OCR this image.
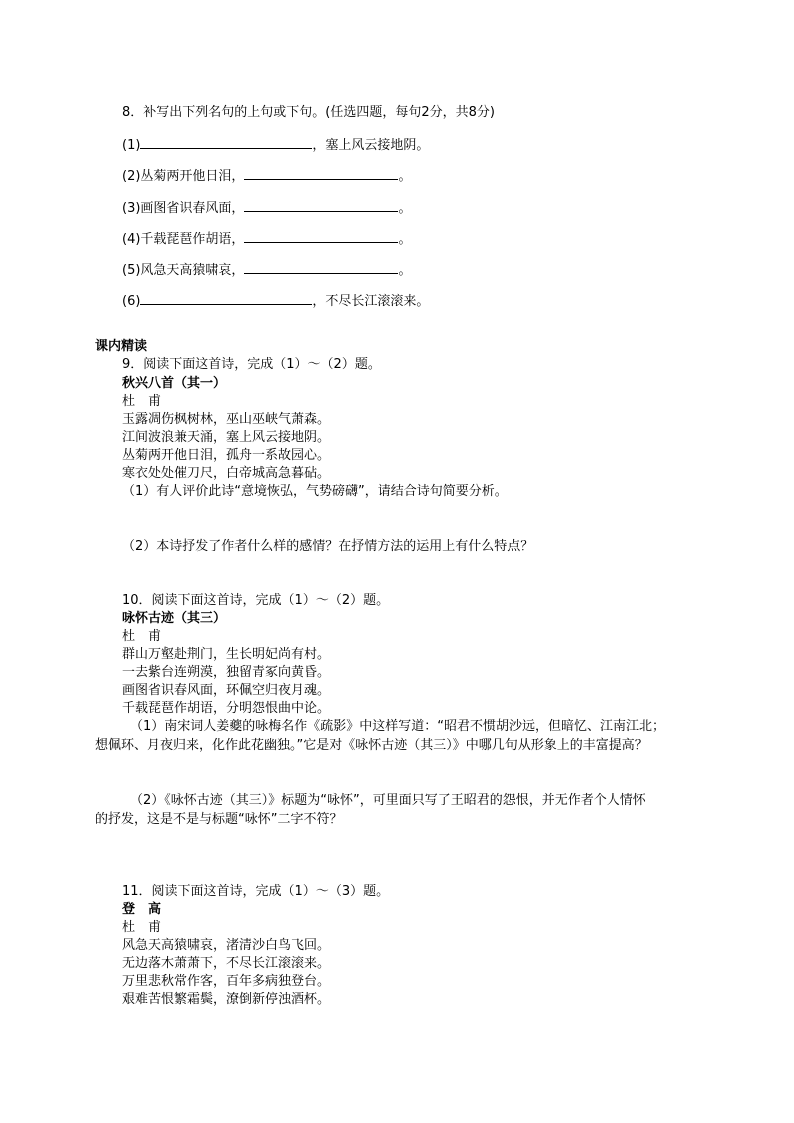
8．补写出下列名句的上句或下句。(任选四题，每句2分，共8分)
(1)	，塞上风云接地阴。
(2)丛菊两开他日泪，	。
(3)画图省识春风面，	。
(4)千载琵琶作胡语，	。
(5)风急天高猿啸哀，	。
(6)	，不尽长江滚滚来。
课内精读
9．阅读下面这首诗，完成（1）～（2）题。
秋兴八首（其一）
杜　甫
玉露凋伤枫树林，巫山巫峡气萧森。
江间波浪兼天涌，塞上风云接地阴。
丛菊两开他日泪，孤舟一系故园心。
寒衣处处催刀尺，白帝城高急暮砧。
（1）有人评价此诗“意境恢弘，气势磅礴”，请结合诗句简要分析。
（2）本诗抒发了作者什么样的感情？在抒情方法的运用上有什么特点？
10．阅读下面这首诗，完成（1）～（2）题。
咏怀古迹（其三）
杜　甫
群山万壑赴荆门，生长明妃尚有村。
一去紫台连朔漠，独留青冢向黄昏。
画图省识春风面，环佩空归夜月魂。
千载琵琶作胡语，分明怨恨曲中论。
（1）南宋词人姜夔的咏梅名作《疏影》中这样写道：“昭君不惯胡沙远，但暗忆、江南江北；
想佩环、月夜归来，化作此花幽独。”它是对《咏怀古迹（其三）》中哪几句从形象上的丰富提高？
（2）《咏怀古迹（其三）》标题为“咏怀”，可里面只写了王昭君的怨恨，并无作者个人情怀
的抒发，这是不是与标题“咏怀”二字不符？
11．阅读下面这首诗，完成（1）～（3）题。
登　高
杜　甫
风急天高猿啸哀，渚清沙白鸟飞回。
无边落木萧萧下，不尽长江滚滚来。
万里悲秋常作客，百年多病独登台。
艰难苦恨繁霜鬓，潦倒新停浊酒杯。
